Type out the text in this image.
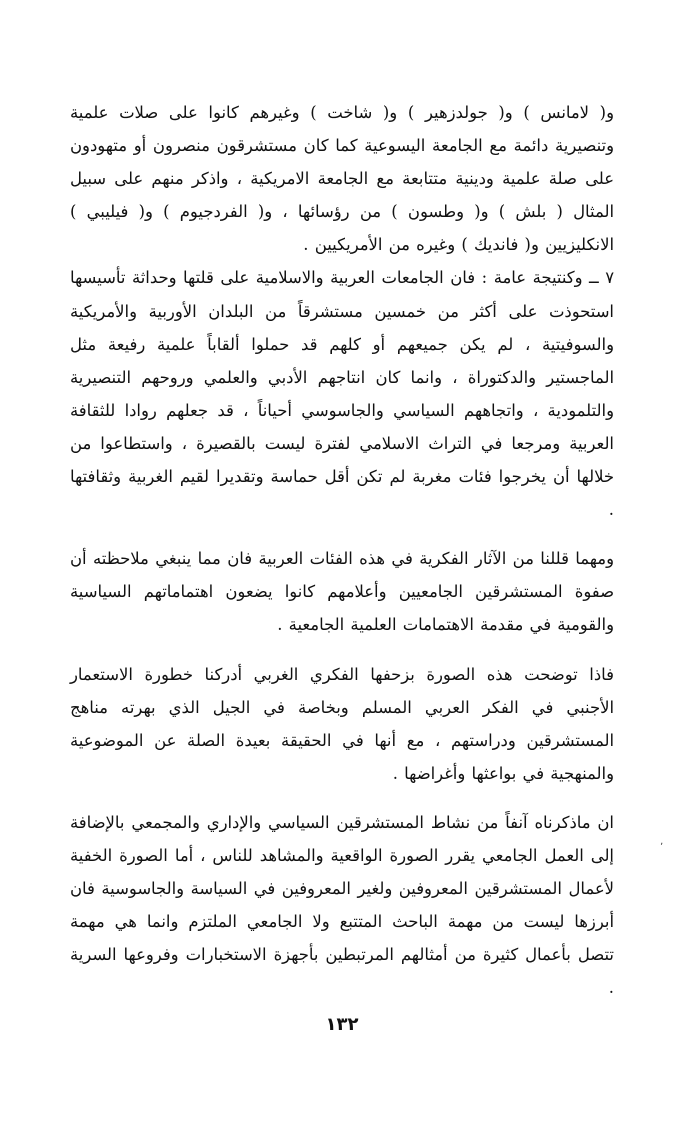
و( لامانس ) و( جولدزهير ) و( شاخت ) وغيرهم كانوا على صلات علمية وتنصيرية دائمة مع الجامعة اليسوعية كما كان مستشرقون منصرون أو متهودون على صلة علمية ودينية متتابعة مع الجامعة الامريكية ، واذكر منهم على سبيل المثال ( بلش ) و( وطسون ) من رؤسائها ، و( الفردجيوم ) و( فيليبي ) الانكليزيين و( فانديك ) وغيره من الأمريكيين .

٧ ــ وكنتيجة عامة : فان الجامعات العربية والاسلامية على قلتها وحداثة تأسيسها استحوذت على أكثر من خمسين مستشرقاً من البلدان الأوربية والأمريكية والسوفيتية ، لم يكن جميعهم أو كلهم قد حملوا ألقاباً علمية رفيعة مثل الماجستير والدكتوراة ، وانما كان انتاجهم الأدبي والعلمي وروحهم التنصيرية والتلمودية ، واتجاههم السياسي والجاسوسي أحياناً ، قد جعلهم روادا للثقافة العربية ومرجعا في التراث الاسلامي لفترة ليست بالقصيرة ، واستطاعوا من خلالها أن يخرجوا فئات مغربة لم تكن أقل حماسة وتقديرا لقيم الغربية وثقافتها .

ومهما قللنا من الآثار الفكرية في هذه الفئات العربية فان مما ينبغي ملاحظته أن صفوة المستشرقين الجامعيين وأعلامهم كانوا يضعون اهتماماتهم السياسية والقومية في مقدمة الاهتمامات العلمية الجامعية .

فاذا توضحت هذه الصورة بزحفها الفكري الغربي أدركنا خطورة الاستعمار الأجنبي في الفكر العربي المسلم وبخاصة في الجيل الذي بهرته مناهج المستشرقين ودراستهم ، مع أنها في الحقيقة بعيدة الصلة عن الموضوعية والمنهجية في بواعثها وأغراضها .

ان ماذكرناه آنفاً من نشاط المستشرقين السياسي والإداري والمجمعي بالإضافة إلى العمل الجامعي يقرر الصورة الواقعية والمشاهد للناس ، أما الصورة الخفية لأعمال المستشرقين المعروفين ولغير المعروفين في السياسة والجاسوسية فان أبرزها ليست من مهمة الباحث المتتبع ولا الجامعي الملتزم وانما هي مهمة تتصل بأعمال كثيرة من أمثالهم المرتبطين بأجهزة الاستخبارات وفروعها السرية .

٬
١٣٢
